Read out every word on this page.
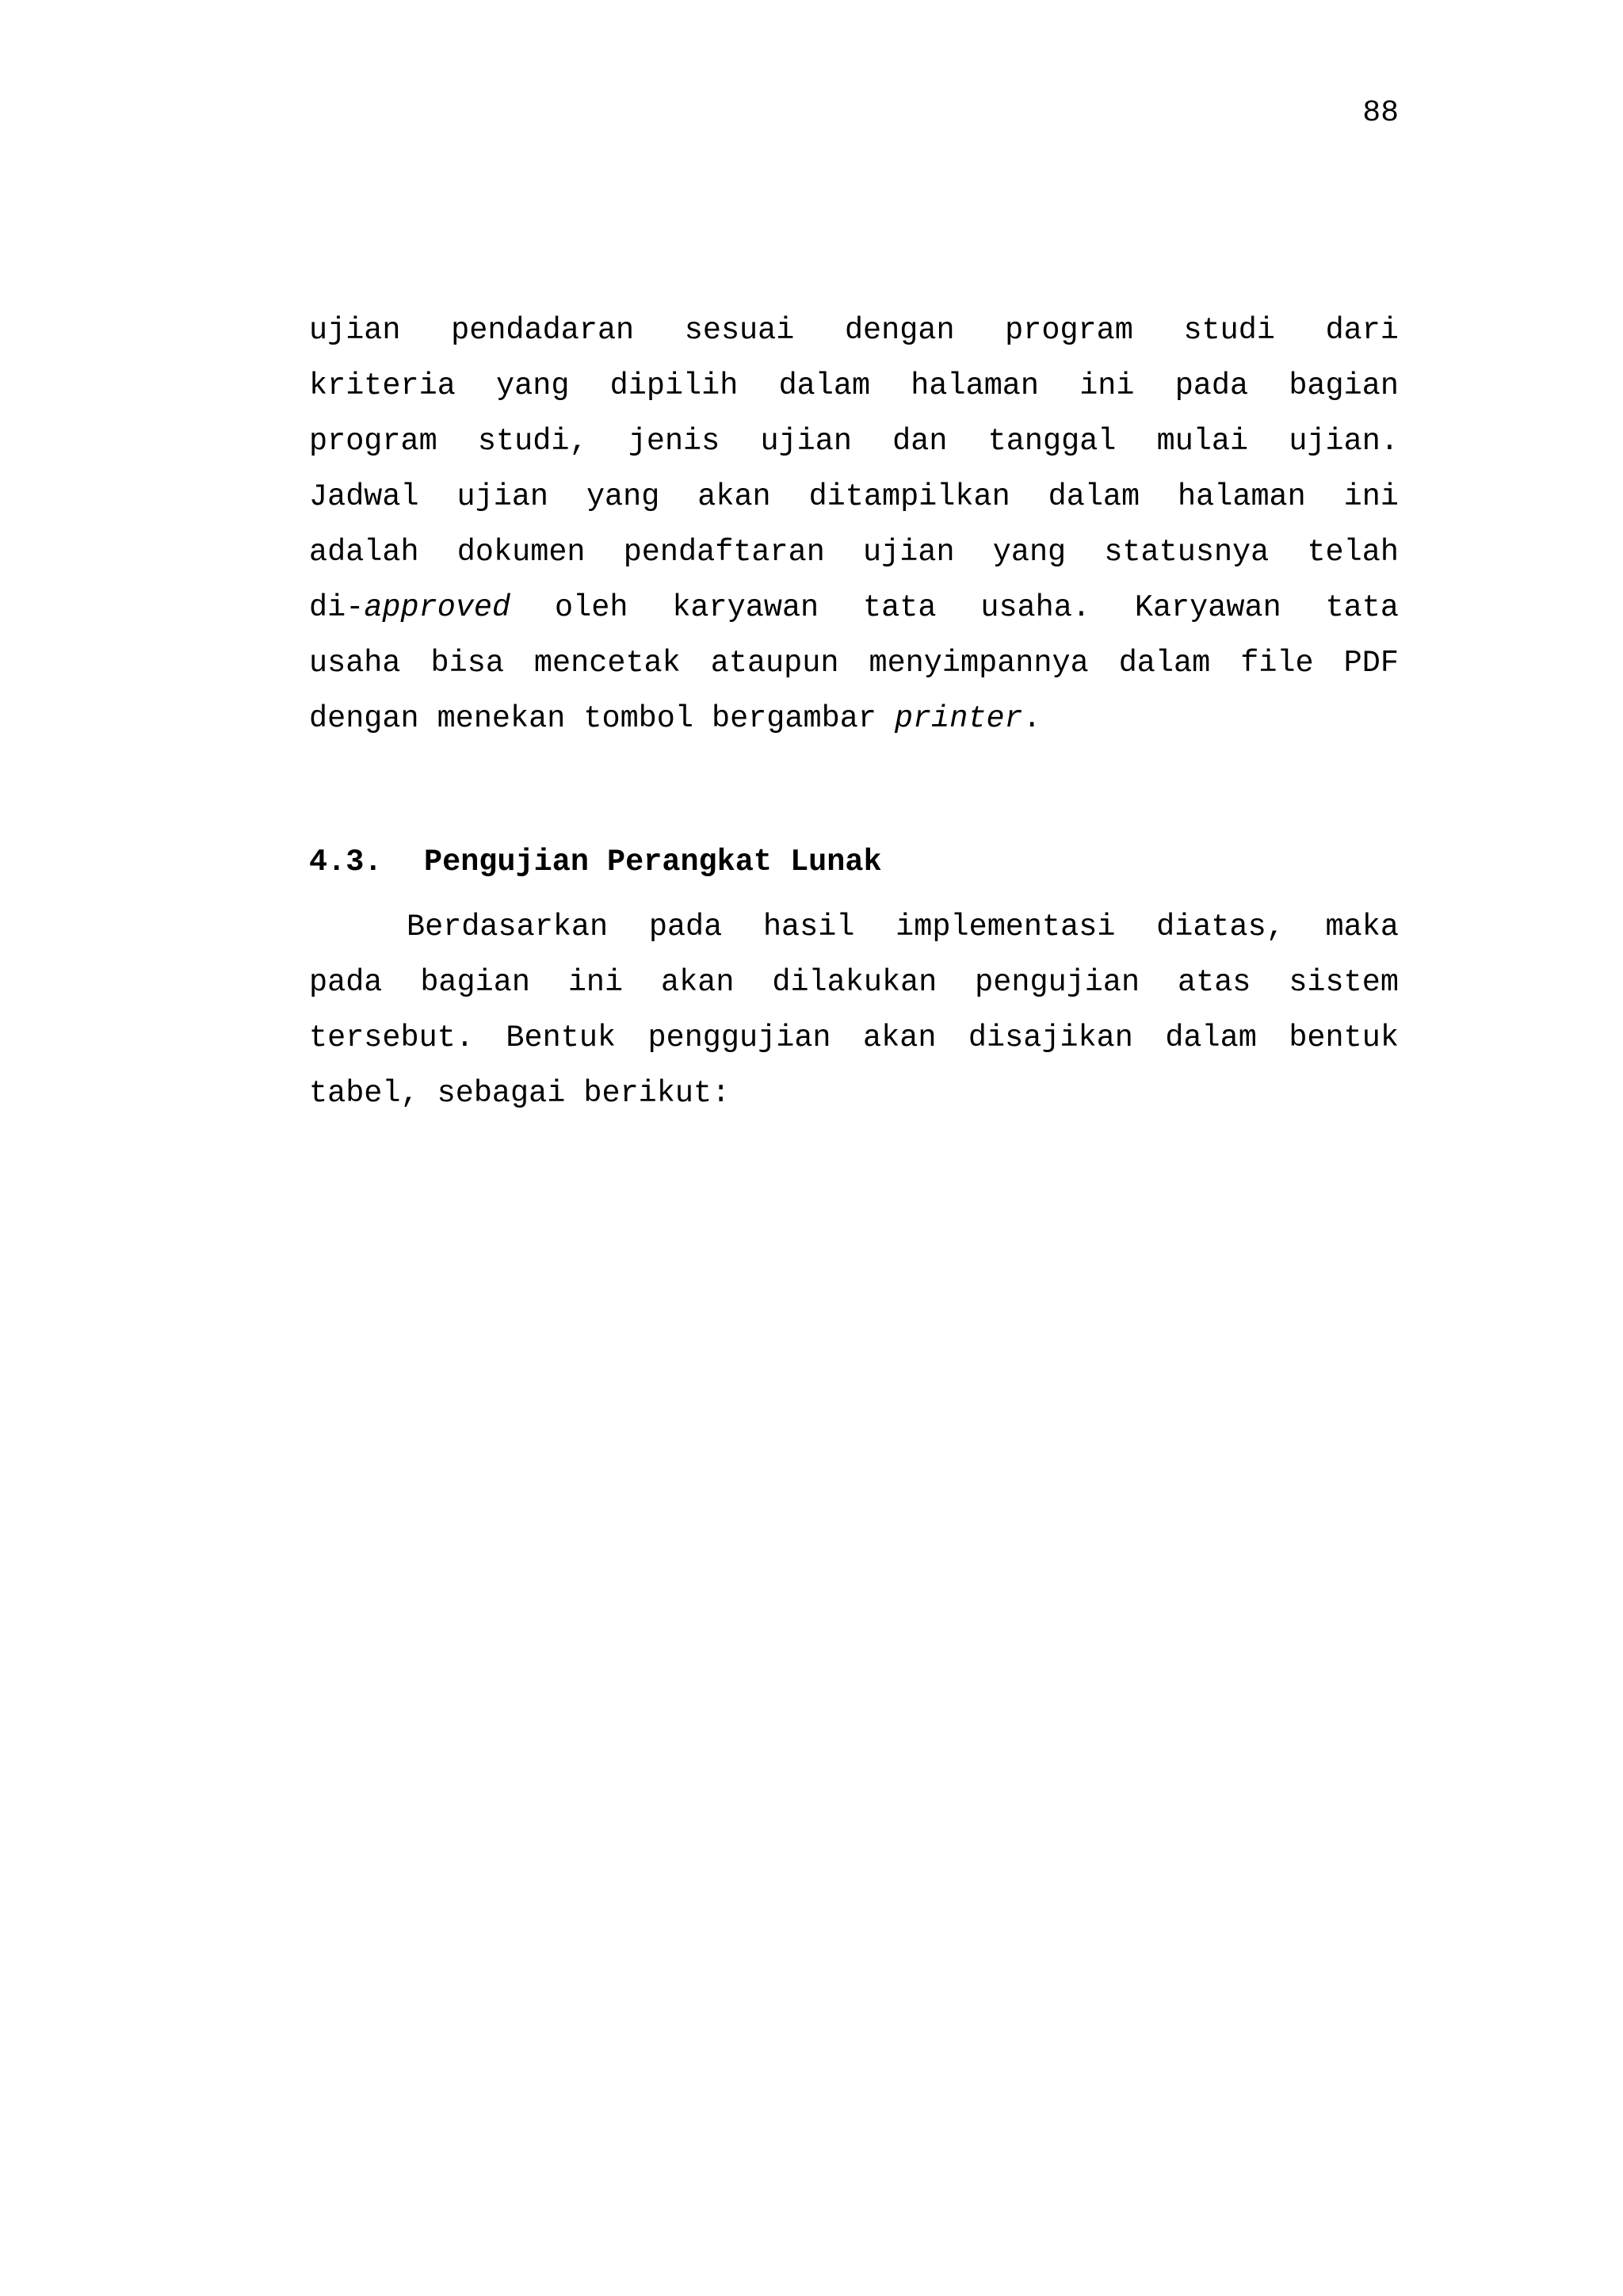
88
ujian pendadaran sesuai dengan program studi dari
kriteria yang dipilih dalam halaman ini pada bagian
program studi, jenis ujian dan tanggal mulai ujian.
Jadwal ujian yang akan ditampilkan dalam halaman ini
adalah dokumen pendaftaran ujian yang statusnya telah
di-approved oleh karyawan tata usaha. Karyawan tata
usaha bisa mencetak ataupun menyimpannya dalam file PDF
dengan menekan tombol bergambar printer.
4.3. Pengujian Perangkat Lunak
Berdasarkan pada hasil implementasi diatas, maka
pada bagian ini akan dilakukan pengujian atas sistem
tersebut. Bentuk penggujian akan disajikan dalam bentuk
tabel, sebagai berikut:
